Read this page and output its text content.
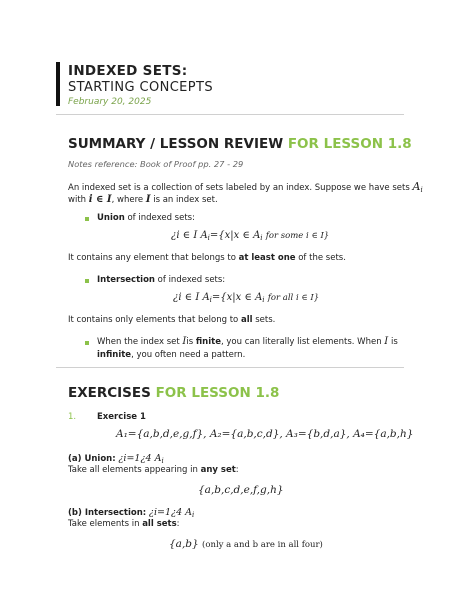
INDEXED SETS:
STARTING CONCEPTS
February 20, 2025
SUMMARY / LESSON REVIEW FOR LESSON 1.8
Notes reference: Book of Proof pp. 27 - 29
An indexed set is a collection of sets labeled by an index. Suppose we have sets $A_i$
with i ∈ I, where I is an index set.
Union of indexed sets:
¿i ∈ I $A_i=\{x|x$ ∈ $A_i$ for some i ∈ I}
It contains any element that belongs to at least one of the sets.
Intersection of indexed sets:
¿i ∈ I $A_i=\{x|x$ ∈ $A_i$ for all i ∈ I}
It contains only elements that belong to all sets.
When the index set Iis finite, you can literally list elements. When I is
infinite, you often need a pattern.
EXERCISES FOR LESSON 1.8
1. Exercise 1
A₁={a,b,d,e,g,f}, A₂={a,b,c,d}, A₃={b,d,a}, A₄={a,b,h}
(a) Union: ¿i=1¿4 $A_i$
Take all elements appearing in any set:
{a,b,c,d,e,f,g,h}
(b) Intersection: ¿i=1¿4 $A_i$
Take elements in all sets:
{a,b} (only a and b are in all four)
